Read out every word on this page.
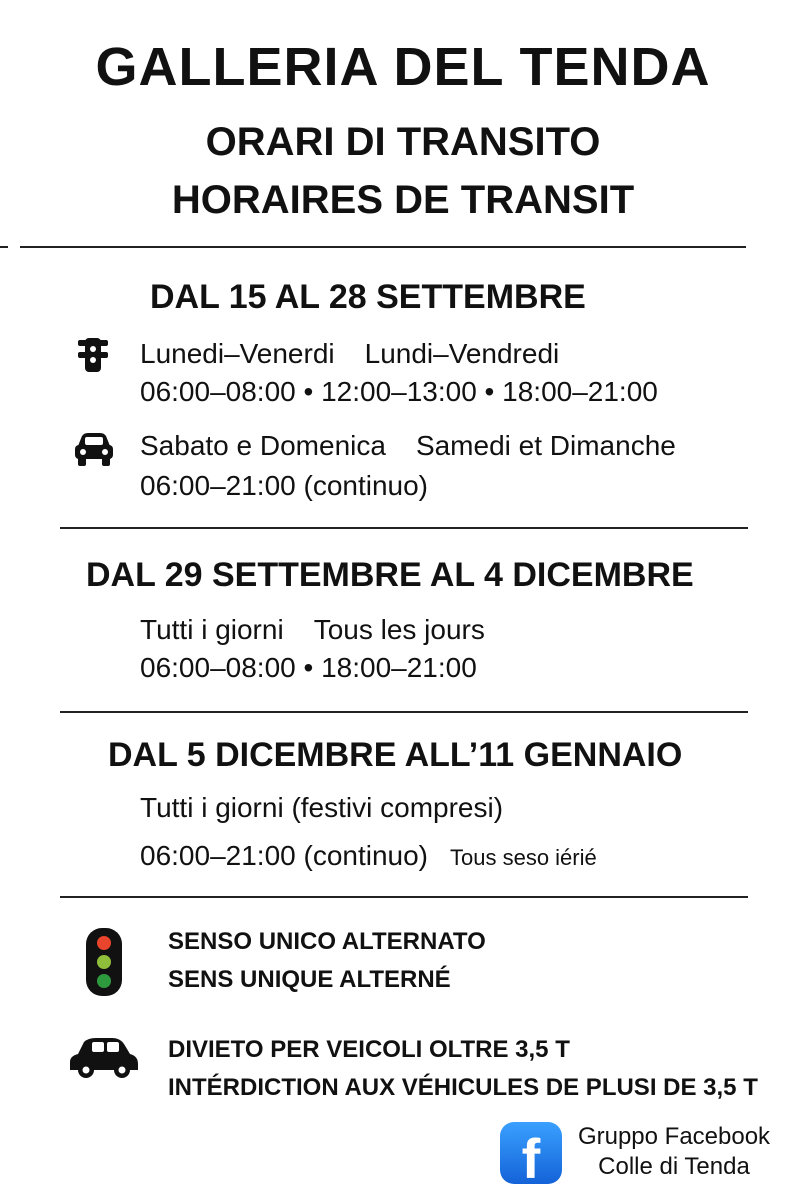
GALLERIA DEL TENDA
ORARI DI TRANSITO
HORAIRES DE TRANSIT
DAL 15 AL 28 SETTEMBRE
Lunedi–Venerdi Lundi–Vendredi
06:00–08:00 • 12:00–13:00 • 18:00–21:00
Sabato e Domenica Samedi et Dimanche
06:00–21:00 (continuo)
DAL 29 SETTEMBRE AL 4 DICEMBRE
Tutti i giorni Tous les jours
06:00–08:00 • 18:00–21:00
DAL 5 DICEMBRE ALL’11 GENNAIO
Tutti i giorni (festivi compresi)
06:00–21:00 (continuo) Tous seso iérié
SENSO UNICO ALTERNATO
SENS UNIQUE ALTERNÉ
DIVIETO PER VEICOLI OLTRE 3,5 T
INTÉRDICTION AUX VÉHICULES DE PLUSI DE 3,5 T
f	Gruppo Facebook
Colle di Tenda
